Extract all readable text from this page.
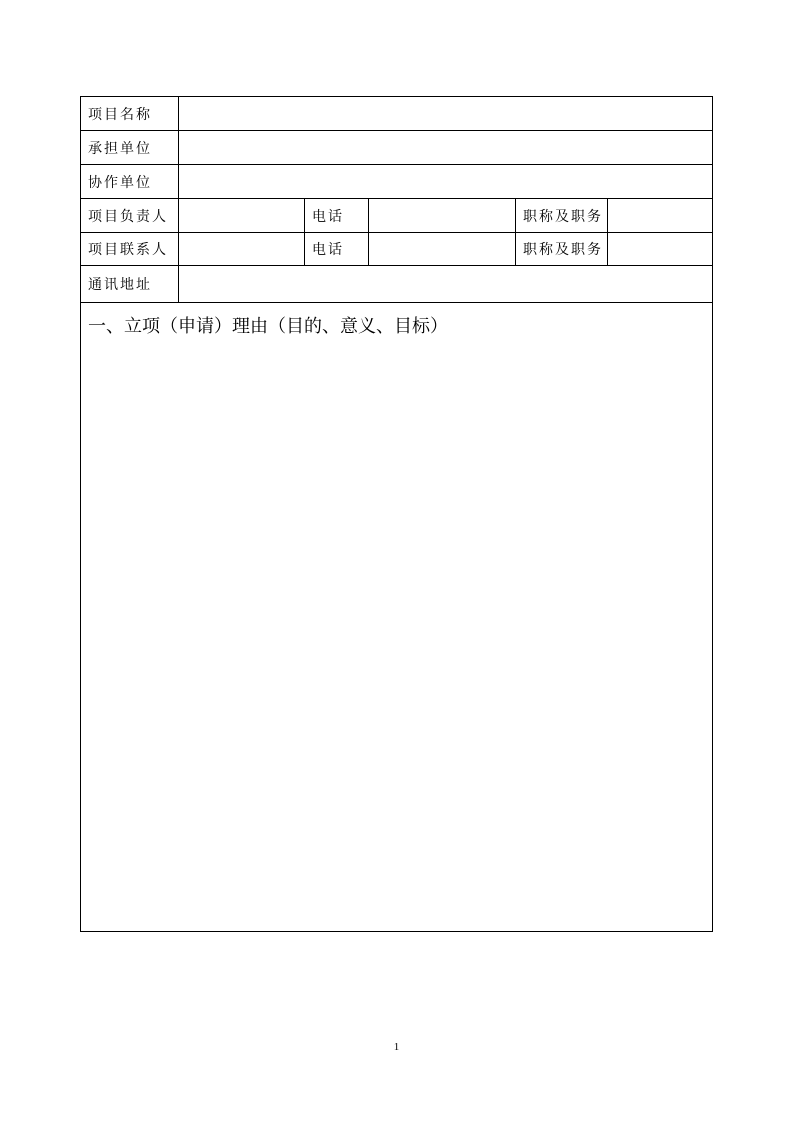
项目名称
承担单位
协作单位
项目负责人	电话	职称及职务
项目联系人	电话	职称及职务
通讯地址
一、立项（申请）理由（目的、意义、目标）
1
